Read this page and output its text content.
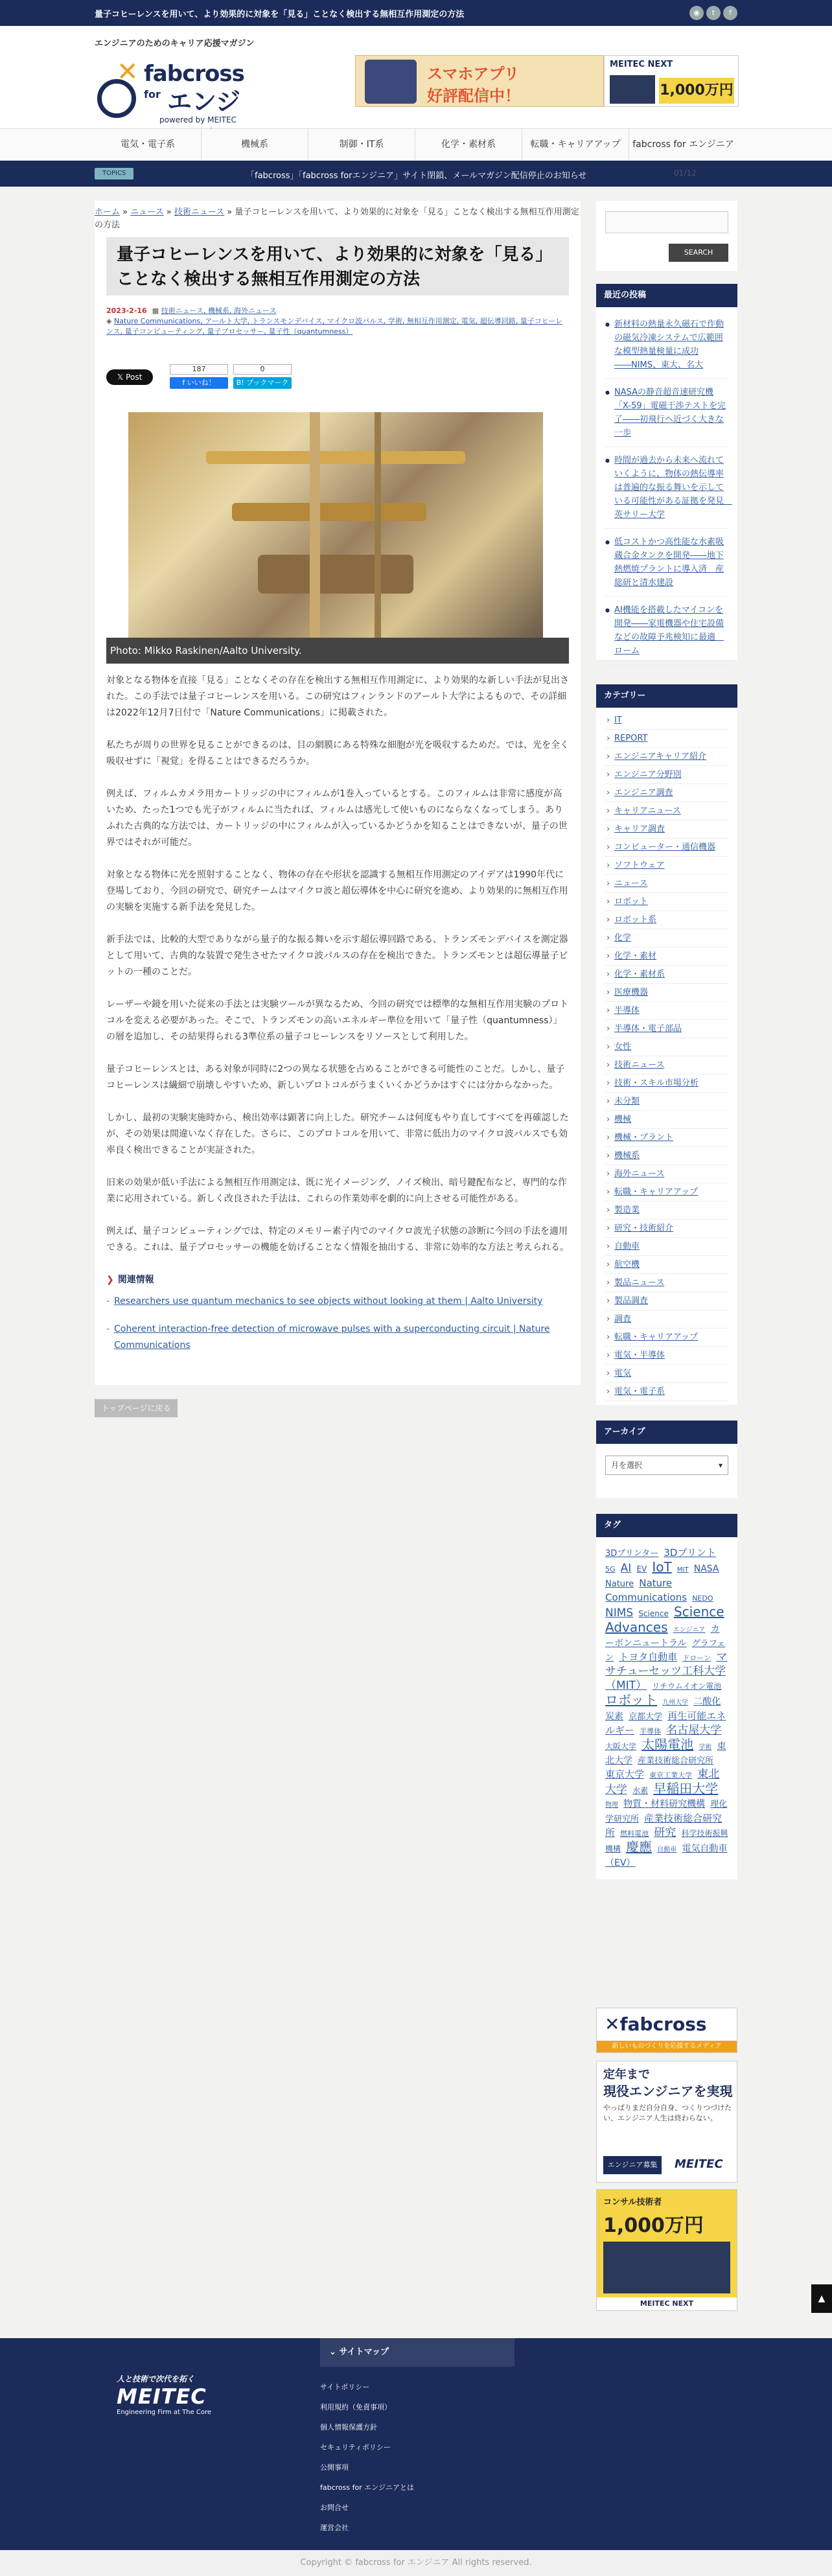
量子コヒーレンスを用いて、より効果的に対象を「見る」ことなく検出する無相互作用測定の方法	◉	t	f
エンジニアのためのキャリア応援マガジン
✕ fabcross
for エンジ
powered by MEITEC
スマホアプリ
好評配信中！
MEITEC NEXT
1,000万円
電気・電子系	機械系	制御・IT系	化学・素材系	転職・キャリアアップ	fabcross for エンジニア
TOPICS	「fabcross」「fabcross forエンジニア」サイト閉鎖、メールマガジン配信停止のお知らせ	01/12
ホーム » ニュース » 技術ニュース » 量子コヒーレンスを用いて、より効果的に対象を「見る」ことなく検出する無相互作用測定の方法
量子コヒーレンスを用いて、より効果的に対象を「見る」ことなく検出する無相互作用測定の方法
2023-2-16 ▦ 技術ニュース, 機械系, 海外ニュース
◈ Nature Communications, アールト大学, トランスモンデバイス, マイクロ波パルス, 学術, 無相互作用測定, 電気, 超伝導回路, 量子コヒーレンス, 量子コンピューティング, 量子プロセッサー, 量子性（quantumness）
𝕏 Post
187
f いいね！
0
B! ブックマーク
Photo: Mikko Raskinen/Aalto University.

対象となる物体を直接「見る」ことなくその存在を検出する無相互作用測定に、より効果的な新しい手法が見出された。この手法では量子コヒーレンスを用いる。この研究はフィンランドのアールト大学によるもので、その詳細は2022年12月7日付で「Nature Communications」に掲載された。

私たちが周りの世界を見ることができるのは、目の網膜にある特殊な細胞が光を吸収するためだ。では、光を全く吸収せずに「視覚」を得ることはできるだろうか。

例えば、フィルムカメラ用カートリッジの中にフィルムが1巻入っているとする。このフィルムは非常に感度が高いため、たった1つでも光子がフィルムに当たれば、フィルムは感光して使いものにならなくなってしまう。ありふれた古典的な方法では、カートリッジの中にフィルムが入っているかどうかを知ることはできないが、量子の世界ではそれが可能だ。

対象となる物体に光を照射することなく、物体の存在や形状を認識する無相互作用測定のアイデアは1990年代に登場しており、今回の研究で、研究チームはマイクロ波と超伝導体を中心に研究を進め、より効果的に無相互作用の実験を実施する新手法を発見した。

新手法では、比較的大型でありながら量子的な振る舞いを示す超伝導回路である、トランズモンデバイスを測定器として用いて、古典的な装置で発生させたマイクロ波パルスの存在を検出できた。トランズモンとは超伝導量子ビットの一種のことだ。

レーザーや鏡を用いた従来の手法とは実験ツールが異なるため、今回の研究では標準的な無相互作用実験のプロトコルを変える必要があった。そこで、トランズモンの高いエネルギー準位を用いて「量子性（quantumness）」の層を追加し、その結果得られる3準位系の量子コヒーレンスをリソースとして利用した。

量子コヒーレンスとは、ある対象が同時に2つの異なる状態を占めることができる可能性のことだ。しかし、量子コヒーレンスは繊細で崩壊しやすいため、新しいプロトコルがうまくいくかどうかはすぐには分からなかった。

しかし、最初の実験実施時から、検出効率は顕著に向上した。研究チームは何度もやり直してすべてを再確認したが、その効果は間違いなく存在した。さらに、このプロトコルを用いて、非常に低出力のマイクロ波パルスでも効率良く検出できることが実証された。

旧来の効果が低い手法による無相互作用測定は、既に光イメージング、ノイズ検出、暗号鍵配布など、専門的な作業に応用されている。新しく改良された手法は、これらの作業効率を劇的に向上させる可能性がある。

例えば、量子コンピューティングでは、特定のメモリー素子内でのマイクロ波光子状態の診断に今回の手法を適用できる。これは、量子プロセッサーの機能を妨げることなく情報を抽出する、非常に効率的な方法と考えられる。

❯ 関連情報
- Researchers use quantum mechanics to see objects without looking at them | Aalto University
- Coherent interaction-free detection of microwave pulses with a superconducting circuit | Nature Communications
トップページに戻る
SEARCH
最近の投稿
● 新材料の熱量永久磁石で作動の磁気冷凍システムで広範囲な模型熱量検量に成功――NIMS、東大、名大
● NASAの静音超音速研究機「X-59」電磁干渉テストを完了――初飛行へ近づく大きな一歩
● 時間が過去から未来へ流れていくように、物体の熱伝導率は普遍的な振る舞いを示している可能性がある証拠を発見　英サリー大学
● 低コストかつ高性能な水素吸蔵合金タンクを開発――地下熱燃焼プラントに導入済　産総研と清水建設
● AI機能を搭載したマイコンを開発――家電機器や住宅設備などの故障予兆検知に最適　ローム
カテゴリー
› IT
› REPORT
› エンジニアキャリア紹介
› エンジニア分野別
› エンジニア調査
› キャリアニュース
› キャリア調査
› コンピューター・通信機器
› ソフトウェア
› ニュース
› ロボット
› ロボット系
› 化学
› 化学・素材
› 化学・素材系
› 医療機器
› 半導体
› 半導体・電子部品
› 女性
› 技術ニュース
› 技術・スキル市場分析
› 未分類
› 機械
› 機械・プラント
› 機械系
› 海外ニュース
› 転職・キャリアアップ
› 製造業
› 研究・技術紹介
› 自動車
› 航空機
› 製品ニュース
› 製品調査
› 調査
› 転職・キャリアアップ
› 電気・半導体
› 電気
› 電気・電子系
アーカイブ
月を選択 ▾
タグ
3Dプリンター 3Dプリント 5G AI EV IoT MIT NASA Nature Nature Communications NEDO NIMS Science Science Advances エンジニア カーボンニュートラル グラフェン トヨタ自動車 ドローン マサチューセッツ工科大学（MIT） リチウムイオン電池 ロボット 九州大学 二酸化炭素 京都大学 再生可能エネルギー 半導体 名古屋大学 大阪大学 太陽電池 学術 東北大学 産業技術総合研究所 東京大学 東京工業大学 東北大学 水素 早稲田大学 物理 物質・材料研究機構 理化学研究所 産業技術総合研究所 燃料電池 研究 科学技術振興機構 慶應 自動車 電気自動車（EV）
✕fabcross
新しいものづくりを応援するメディア
定年まで
現役エンジニアを実現
やっぱりまだ自分自身、つくりつづけたい、エンジニア人生は終わらない。
エンジニア募集	MEITEC
コンサル技術者
1,000万円
MEITEC NEXT	▲
人と技術で次代を拓く
MEITEC
Engineering Firm at The Core
⌄ サイトマップ
サイトポリシー
利用規約（免責事項）
個人情報保護方針
セキュリティポリシー
公開事項
fabcross for エンジニアとは
お問合せ
運営会社
Copyright © fabcross for エンジニア All rights reserved.
